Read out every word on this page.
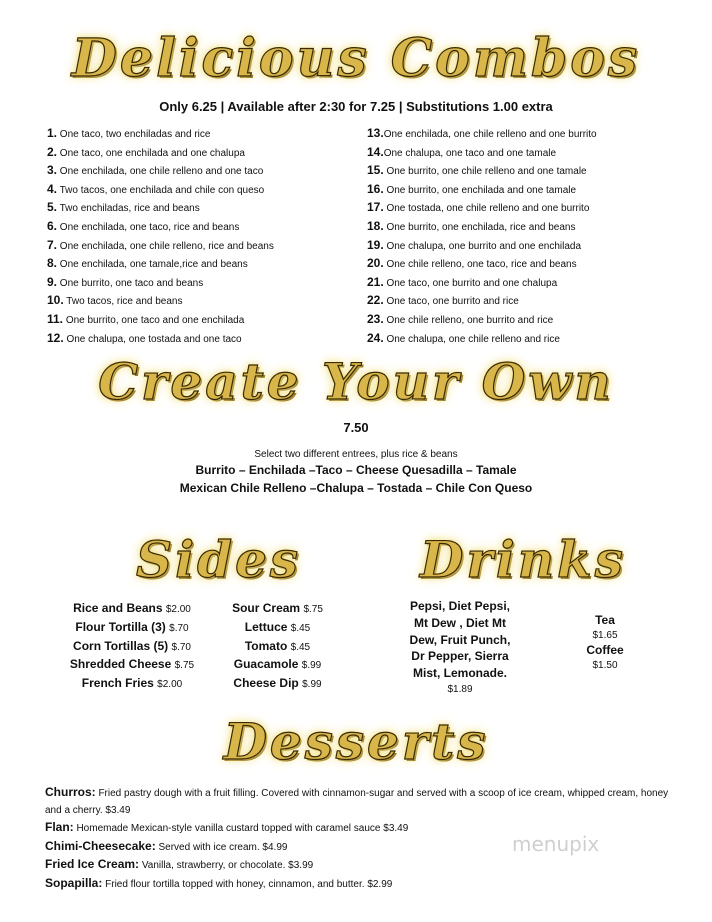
Delicious Combos
Only 6.25 | Available after 2:30 for 7.25 | Substitutions 1.00 extra
1. One taco, two enchiladas and rice
2. One taco, one enchilada and one chalupa
3. One enchilada, one chile relleno and one taco
4. Two tacos, one enchilada and chile con queso
5. Two enchiladas, rice and beans
6. One enchilada, one taco, rice and beans
7. One enchilada, one chile relleno, rice and beans
8. One enchilada, one tamale,rice and beans
9. One burrito, one taco and beans
10. Two tacos, rice and beans
11. One burrito, one taco and one enchilada
12. One chalupa, one tostada and one taco
13.One enchilada, one chile relleno and one burrito
14.One chalupa, one taco and one tamale
15. One burrito, one chile relleno and one tamale
16. One burrito, one enchilada and one tamale
17. One tostada, one chile relleno and one burrito
18. One burrito, one enchilada, rice and beans
19. One chalupa, one burrito and one enchilada
20. One chile relleno, one taco, rice and beans
21. One taco, one burrito and one chalupa
22. One taco, one burrito and rice
23. One chile relleno, one burrito and rice
24. One chalupa, one chile relleno and rice
Create Your Own
7.50
Select two different entrees, plus rice & beans
Burrito – Enchilada –Taco – Cheese Quesadilla – Tamale
Mexican Chile Relleno –Chalupa – Tostada – Chile Con Queso
Sides
Rice and Beans $2.00
Flour Tortilla (3) $.70
Corn Tortillas (5) $.70
Shredded Cheese $.75
French Fries $2.00
Sour Cream $.75
Lettuce $.45
Tomato $.45
Guacamole $.99
Cheese Dip $.99
Drinks
Pepsi, Diet Pepsi,
Mt Dew , Diet Mt
Dew, Fruit Punch,
Dr Pepper, Sierra
Mist, Lemonade.
$1.89
Tea
$1.65
Coffee
$1.50
Desserts
Churros: Fried pastry dough with a fruit filling. Covered with cinnamon-sugar and served with a scoop of ice cream, whipped cream, honey and a cherry. $3.49
Flan: Homemade Mexican-style vanilla custard topped with caramel sauce $3.49
Chimi-Cheesecake: Served with ice cream. $4.99
Fried Ice Cream: Vanilla, strawberry, or chocolate. $3.99
Sopapilla: Fried flour tortilla topped with honey, cinnamon, and butter. $2.99
menupix
